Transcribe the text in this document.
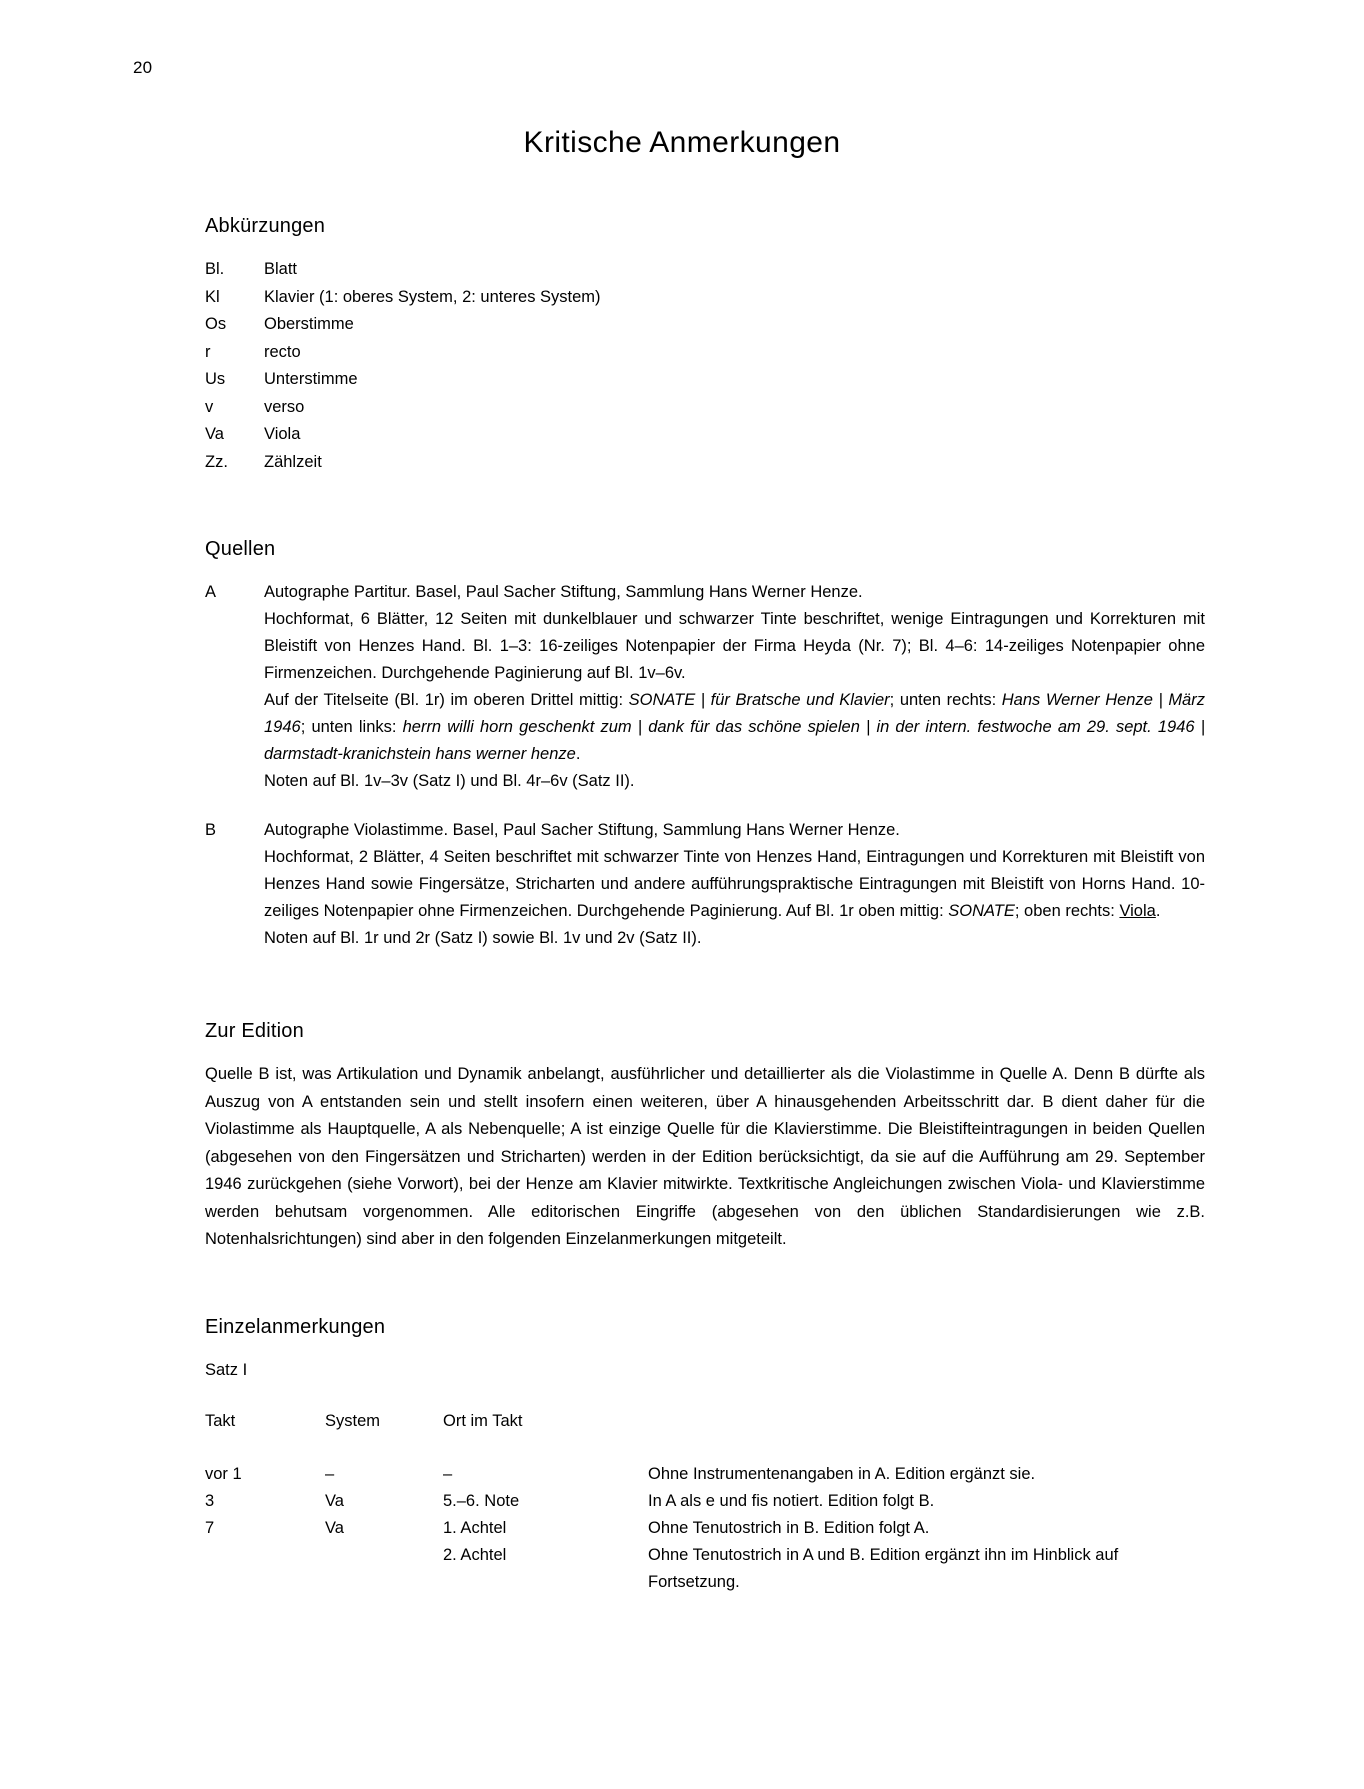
20
Kritische Anmerkungen
Abkürzungen
Bl.	Blatt
Kl	Klavier (1: oberes System, 2: unteres System)
Os	Oberstimme
r	recto
Us	Unterstimme
v	verso
Va	Viola
Zz.	Zählzeit
Quellen
A	Autographe Partitur. Basel, Paul Sacher Stiftung, Sammlung Hans Werner Henze.

Hochformat, 6 Blätter, 12 Seiten mit dunkelblauer und schwarzer Tinte beschriftet, wenige Eintragungen und Korrekturen mit Bleistift von Henzes Hand. Bl. 1–3: 16-zeiliges Notenpapier der Firma Heyda (Nr. 7); Bl. 4–6: 14-zeiliges Notenpapier ohne Firmenzeichen. Durchgehende Paginierung auf Bl. 1v–6v.

Auf der Titelseite (Bl. 1r) im oberen Drittel mittig: SONATE | für Bratsche und Klavier; unten rechts: Hans Werner Henze | März 1946; unten links: herrn willi horn geschenkt zum | dank für das schöne spielen | in der intern. festwoche am 29. sept. 1946 | darmstadt-kranichstein hans werner henze.

Noten auf Bl. 1v–3v (Satz I) und Bl. 4r–6v (Satz II).

B	Autographe Violastimme. Basel, Paul Sacher Stiftung, Sammlung Hans Werner Henze.

Hochformat, 2 Blätter, 4 Seiten beschriftet mit schwarzer Tinte von Henzes Hand, Eintragungen und Korrekturen mit Bleistift von Henzes Hand sowie Fingersätze, Stricharten und andere aufführungspraktische Eintragungen mit Bleistift von Horns Hand. 10-zeiliges Notenpapier ohne Firmenzeichen. Durchgehende Paginierung. Auf Bl. 1r oben mittig: SONATE; oben rechts: Viola.

Noten auf Bl. 1r und 2r (Satz I) sowie Bl. 1v und 2v (Satz II).

Zur Edition

Quelle B ist, was Artikulation und Dynamik anbelangt, ausführlicher und detaillierter als die Violastimme in Quelle A. Denn B dürfte als Auszug von A entstanden sein und stellt insofern einen weiteren, über A hinausgehenden Arbeitsschritt dar. B dient daher für die Violastimme als Hauptquelle, A als Nebenquelle; A ist einzige Quelle für die Klavierstimme. Die Bleistifteintragungen in beiden Quellen (abgesehen von den Fingersätzen und Stricharten) werden in der Edition berücksichtigt, da sie auf die Aufführung am 29. September 1946 zurückgehen (siehe Vorwort), bei der Henze am Klavier mitwirkte. Textkritische Angleichungen zwischen Viola- und Klavierstimme werden behutsam vorgenommen. Alle editorischen Eingriffe (abgesehen von den üblichen Standardisierungen wie z.B. Notenhalsrichtungen) sind aber in den folgenden Einzelanmerkungen mitgeteilt.

Einzelanmerkungen
Satz I
Takt	System	Ort im Takt	
vor 1	–	–	Ohne Instrumentenangaben in A. Edition ergänzt sie.
3	Va	5.–6. Note	In A als e und fis notiert. Edition folgt B.
7	Va	1. Achtel	Ohne Tenutostrich in B. Edition folgt A.
		2. Achtel	Ohne Tenutostrich in A und B. Edition ergänzt ihn im Hinblick auf Fortsetzung.
